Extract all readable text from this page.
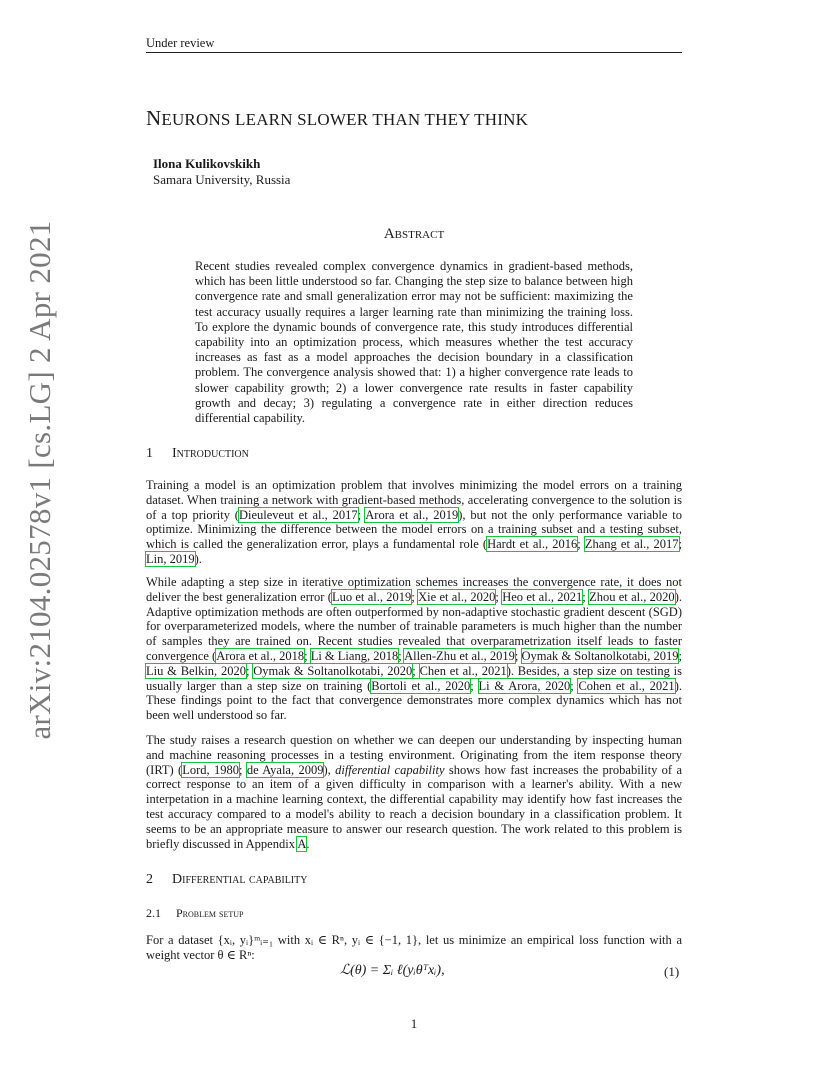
Under review
arXiv:2104.02578v1 [cs.LG] 2 Apr 2021
NEURONS LEARN SLOWER THAN THEY THINK
Ilona Kulikovskikh
Samara University, Russia
Abstract

Recent studies revealed complex convergence dynamics in gradient-based methods, which has been little understood so far. Changing the step size to balance between high convergence rate and small generalization error may not be sufficient: maximizing the test accuracy usually requires a larger learning rate than minimizing the training loss. To explore the dynamic bounds of convergence rate, this study introduces differential capability into an optimization process, which measures whether the test accuracy increases as fast as a model approaches the decision boundary in a classification problem. The convergence analysis showed that: 1) a higher convergence rate leads to slower capability growth; 2) a lower convergence rate results in faster capability growth and decay; 3) regulating a convergence rate in either direction reduces differential capability.

1 Introduction

Training a model is an optimization problem that involves minimizing the model errors on a training dataset. When training a network with gradient-based methods, accelerating convergence to the solution is of a top priority (Dieuleveut et al., 2017; Arora et al., 2019), but not the only performance variable to optimize. Minimizing the difference between the model errors on a training subset and a testing subset, which is called the generalization error, plays a fundamental role (Hardt et al., 2016; Zhang et al., 2017; Lin, 2019).

While adapting a step size in iterative optimization schemes increases the convergence rate, it does not deliver the best generalization error (Luo et al., 2019; Xie et al., 2020; Heo et al., 2021; Zhou et al., 2020). Adaptive optimization methods are often outperformed by non-adaptive stochastic gradient descent (SGD) for overparameterized models, where the number of trainable parameters is much higher than the number of samples they are trained on. Recent studies revealed that overparametrization itself leads to faster convergence (Arora et al., 2018; Li & Liang, 2018; Allen-Zhu et al., 2019; Oymak & Soltanolkotabi, 2019; Liu & Belkin, 2020; Oymak & Soltanolkotabi, 2020; Chen et al., 2021). Besides, a step size on testing is usually larger than a step size on training (Bortoli et al., 2020; Li & Arora, 2020; Cohen et al., 2021). These findings point to the fact that convergence demonstrates more complex dynamics which has not been well understood so far.

The study raises a research question on whether we can deepen our understanding by inspecting human and machine reasoning processes in a testing environment. Originating from the item response theory (IRT) (Lord, 1980; de Ayala, 2009), differential capability shows how fast increases the probability of a correct response to an item of a given difficulty in comparison with a learner's ability. With a new interpetation in a machine learning context, the differential capability may identify how fast increases the test accuracy compared to a model's ability to reach a decision boundary in a classification problem. It seems to be an appropriate measure to answer our research question. The work related to this problem is briefly discussed in Appendix A.

2 Differential capability
2.1 Problem setup

For a dataset {xᵢ, yᵢ}ᵐᵢ₌₁ with xᵢ ∈ Rⁿ, yᵢ ∈ {−1, 1}, let us minimize an empirical loss function with a weight vector θ ∈ Rⁿ:

ℒ(θ) = Σᵢ ℓ(yᵢθᵀxᵢ),	(1)
1
